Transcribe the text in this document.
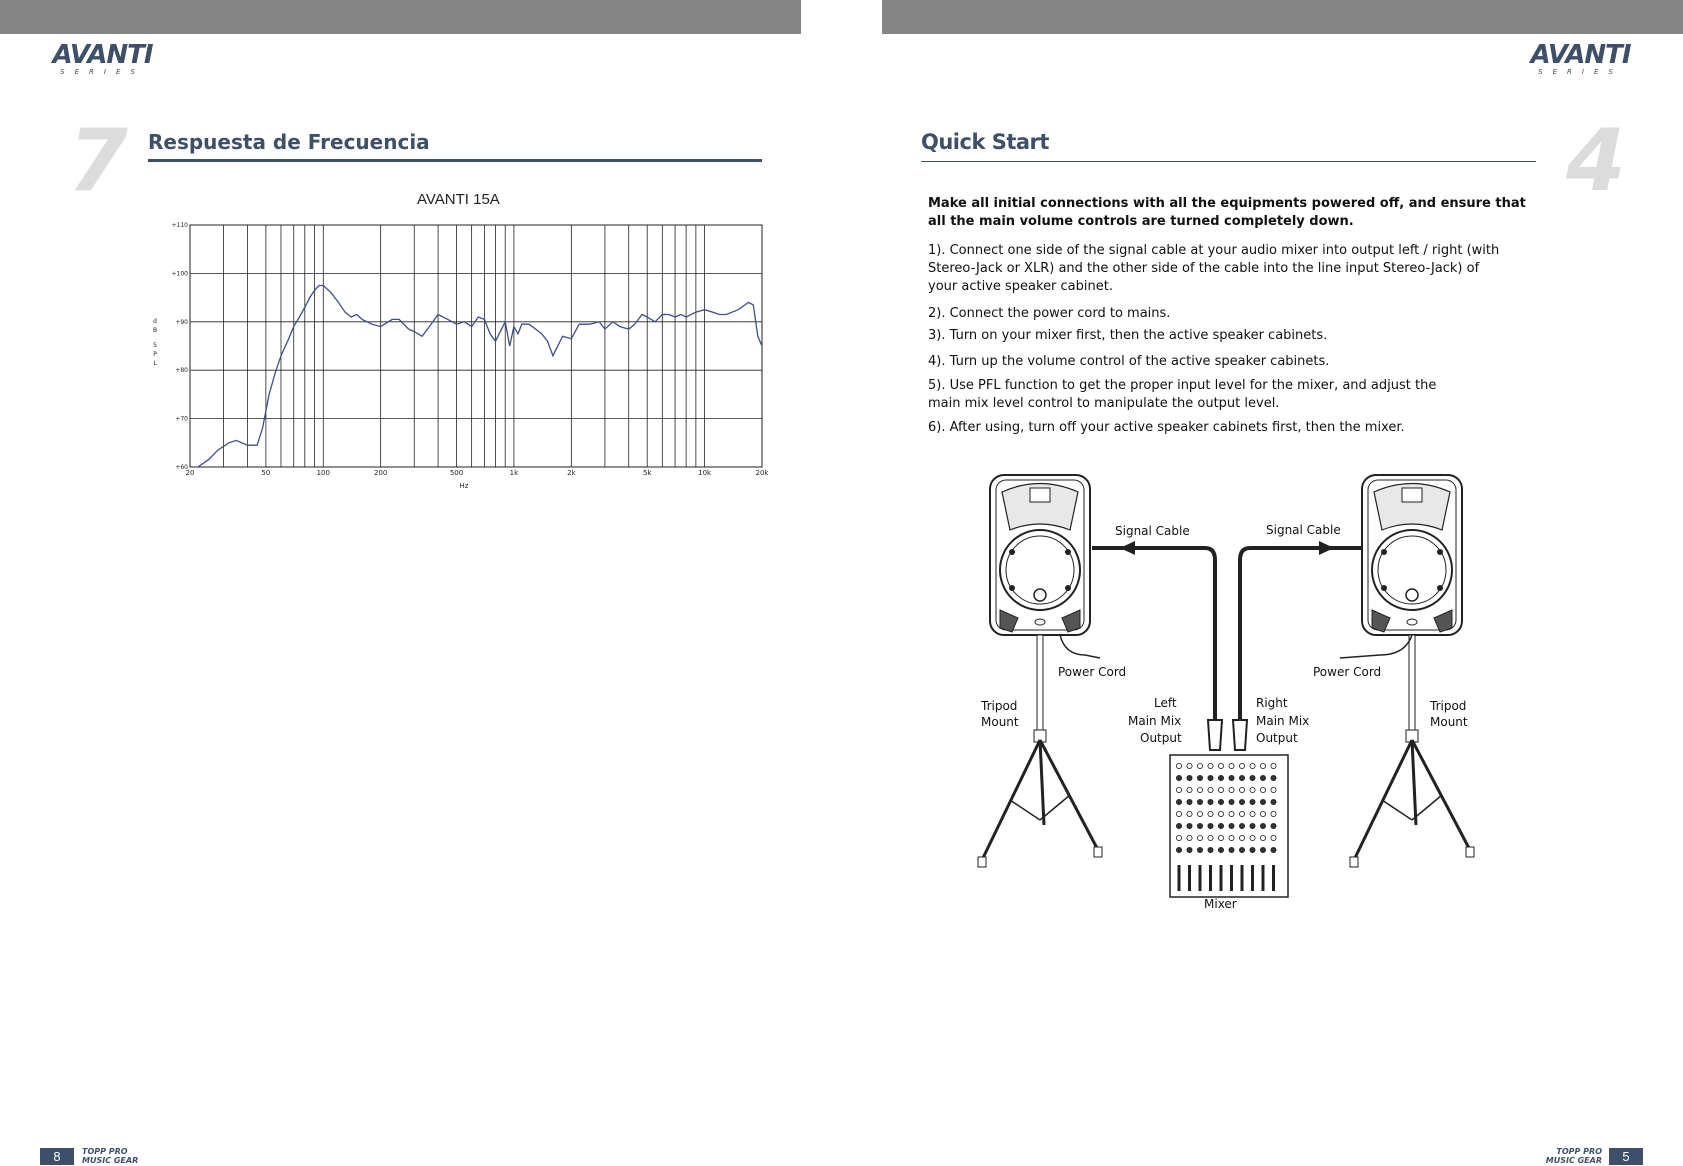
AVANTI
SERIES
AVANTI
SERIES
7 Respuesta de Frecuencia
AVANTI 15A
d
B
S
P
L
20	50	100	200	500	1k	2k	5k	10k	20k
+60
+70
+80
+90
+100
+110
Hz
8	TOPP PRO
MUSIC GEAR
4
Quick Start
Make all initial connections with all the equipments powered off, and ensure that all the main volume controls are turned completely down.
1). Connect one side of the signal cable at your audio mixer into output left / right (with Stereo-Jack or XLR) and the other side of the cable into the line input Stereo-Jack) of your active speaker cabinet.
2). Connect the power cord to mains.
3). Turn on your mixer first, then the active speaker cabinets.
4). Turn up the volume control of the active speaker cabinets.
5). Use PFL function to get the proper input level for the mixer, and adjust the main mix level control to manipulate the output level.
6). After using, turn off your active speaker cabinets first, then the mixer.
Signal Cable	Signal Cable
Power Cord	Power Cord
Tripod
Mount
Tripod
Mount
Left
Main Mix
Output
Right
Main Mix
Output
Mixer
5
TOPP PRO
MUSIC GEAR
